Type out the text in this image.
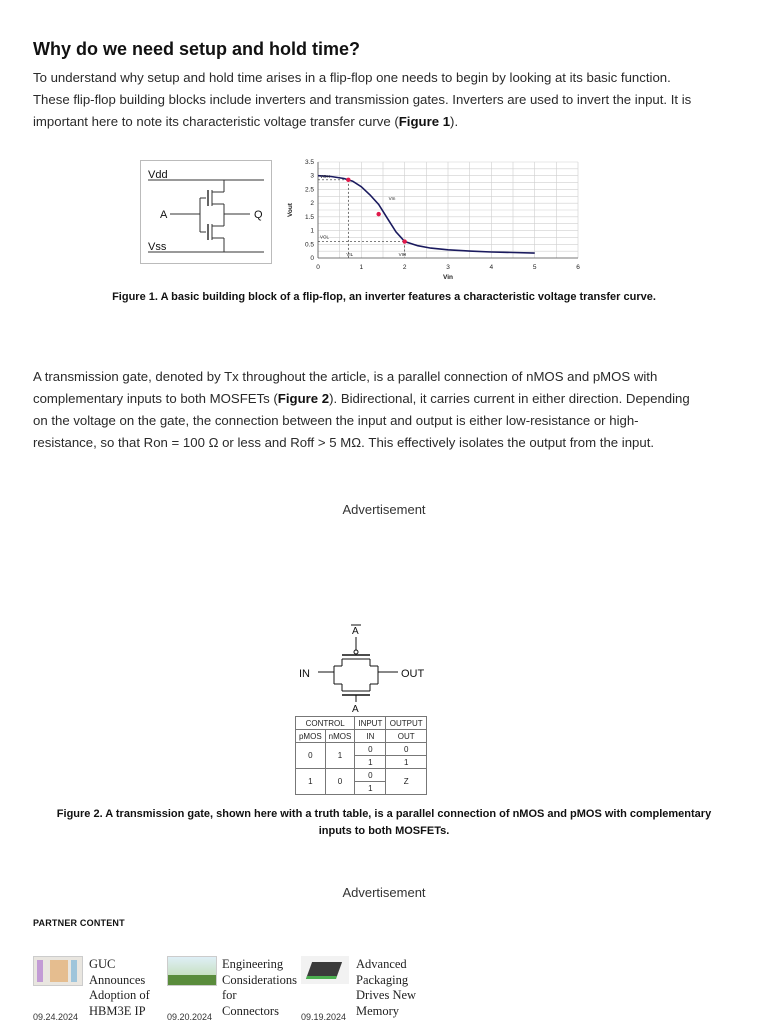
Why do we need setup and hold time?

To understand why setup and hold time arises in a flip-flop one needs to begin by looking at its basic function. These flip-flop building blocks include inverters and transmission gates. Inverters are used to invert the input. It is important here to note its characteristic voltage transfer curve (Figure 1).

Vdd
Vss
A	Q
0	1	2	3	4	5	6
0
0.5
1
1.5
2
2.5
3
3.5
Vin
Vout
VOH
Vm
VIL	VIH
VOL
Figure 1. A basic building block of a flip-flop, an inverter features a characteristic voltage transfer curve.

A transmission gate, denoted by Tx throughout the article, is a parallel connection of nMOS and pMOS with complementary inputs to both MOSFETs (Figure 2). Bidirectional, it carries current in either direction. Depending on the voltage on the gate, the connection between the input and output is either low-resistance or high-resistance, so that Ron = 100 Ω or less and Roff > 5 MΩ. This effectively isolates the output from the input.

Advertisement
IN	OUT
A
A
CONTROL		INPUT	OUTPUT
pMOS	nMOS	IN	OUT
0	1	0	0
		1	1
1	0	0	Z
		1	
Figure 2. A transmission gate, shown here with a truth table, is a parallel connection of nMOS and pMOS with complementary inputs to both MOSFETs.
Advertisement
PARTNER CONTENT
GUC Announces Adoption of HBM3E IP
09.24.2024
Engineering Considerations for Connectors
09.20.2024
Advanced Packaging Drives New Memory
09.19.2024
